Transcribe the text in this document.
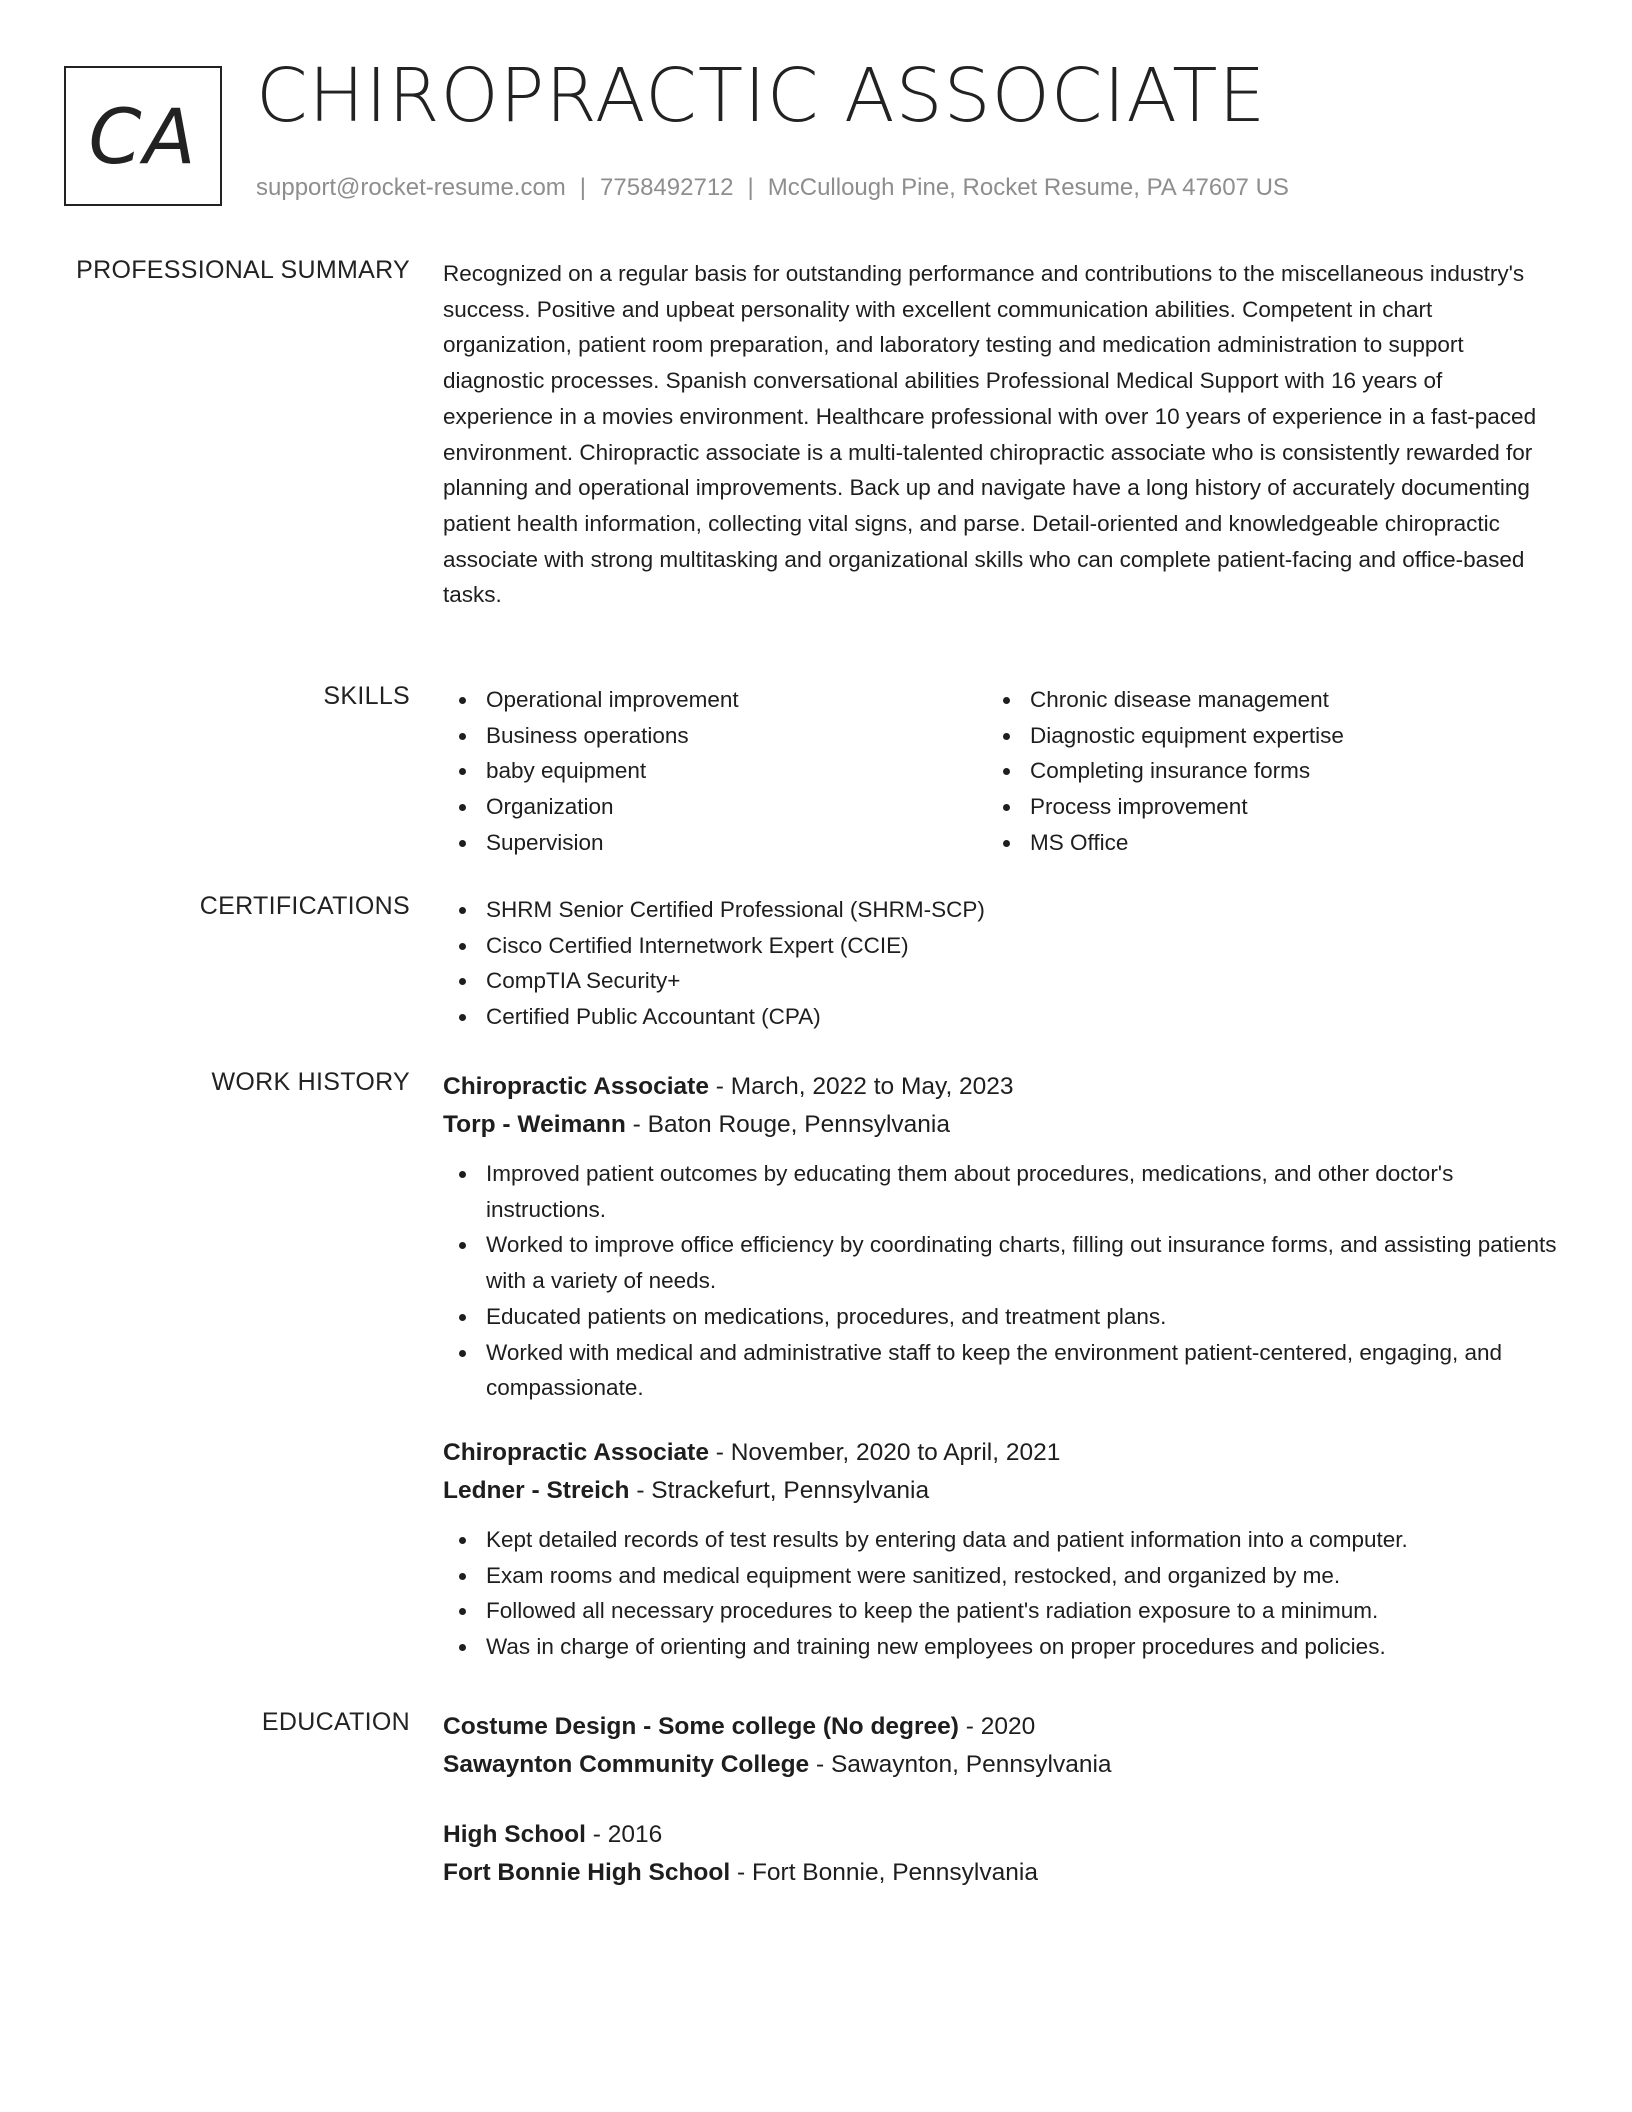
CA CHIROPRACTIC ASSOCIATE
support@rocket-resume.com | 7758492712 | McCullough Pine, Rocket Resume, PA 47607 US
PROFESSIONAL SUMMARY Recognized on a regular basis for outstanding performance and contributions to the miscellaneous industry's success. Positive and upbeat personality with excellent communication abilities. Competent in chart organization, patient room preparation, and laboratory testing and medication administration to support diagnostic processes. Spanish conversational abilities Professional Medical Support with 16 years of experience in a movies environment. Healthcare professional with over 10 years of experience in a fast-paced environment. Chiropractic associate is a multi-talented chiropractic associate who is consistently rewarded for planning and operational improvements. Back up and navigate have a long history of accurately documenting patient health information, collecting vital signs, and parse. Detail-oriented and knowledgeable chiropractic associate with strong multitasking and organizational skills who can complete patient-facing and office-based tasks.

SKILLS	Operational improvement
Business operations
baby equipment
Organization
Supervision
Chronic disease management
Diagnostic equipment expertise
Completing insurance forms
Process improvement
MS Office
CERTIFICATIONS	SHRM Senior Certified Professional (SHRM-SCP)
Cisco Certified Internetwork Expert (CCIE)
CompTIA Security+
Certified Public Accountant (CPA)
WORK HISTORY Chiropractic Associate - March, 2022 to May, 2023
Torp - Weimann - Baton Rouge, Pennsylvania
Improved patient outcomes by educating them about procedures, medications, and other doctor's instructions.
Worked to improve office efficiency by coordinating charts, filling out insurance forms, and assisting patients with a variety of needs.
Educated patients on medications, procedures, and treatment plans.
Worked with medical and administrative staff to keep the environment patient-centered, engaging, and compassionate.
Chiropractic Associate - November, 2020 to April, 2021
Ledner - Streich - Strackefurt, Pennsylvania
Kept detailed records of test results by entering data and patient information into a computer.
Exam rooms and medical equipment were sanitized, restocked, and organized by me.
Followed all necessary procedures to keep the patient's radiation exposure to a minimum.
Was in charge of orienting and training new employees on proper procedures and policies.
EDUCATION Costume Design - Some college (No degree) - 2020
Sawaynton Community College - Sawaynton, Pennsylvania
High School - 2016
Fort Bonnie High School - Fort Bonnie, Pennsylvania
